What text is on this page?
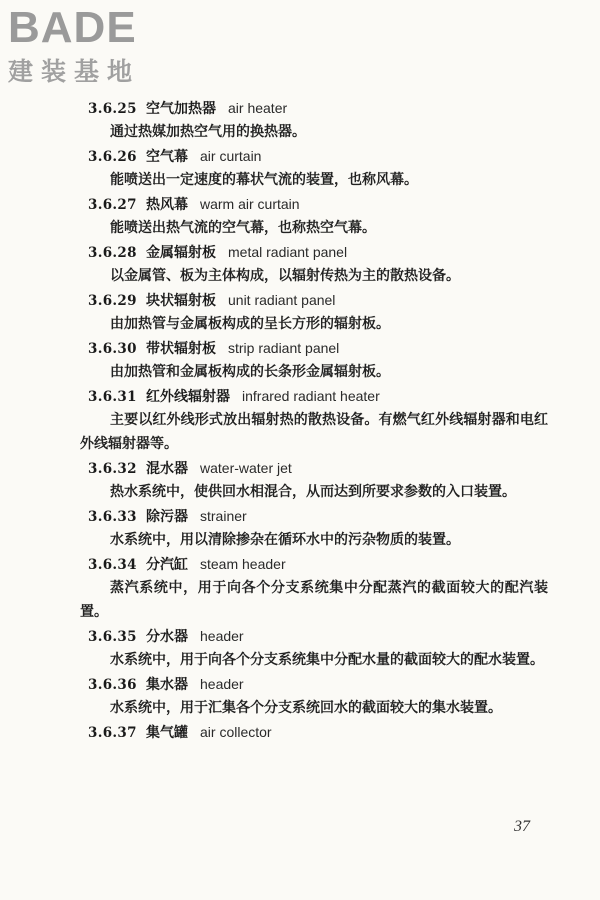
BADE
建装基地
3.6.25 空气加热器 air heater
通过热媒加热空气用的换热器。
3.6.26 空气幕 air curtain
能喷送出一定速度的幕状气流的装置，也称风幕。
3.6.27 热风幕 warm air curtain
能喷送出热气流的空气幕，也称热空气幕。
3.6.28 金属辐射板 metal radiant panel
以金属管、板为主体构成，以辐射传热为主的散热设备。
3.6.29 块状辐射板 unit radiant panel
由加热管与金属板构成的呈长方形的辐射板。
3.6.30 带状辐射板 strip radiant panel
由加热管和金属板构成的长条形金属辐射板。
3.6.31 红外线辐射器 infrared radiant heater
主要以红外线形式放出辐射热的散热设备。有燃气红外线辐射器和电红外线辐射器等。
3.6.32 混水器 water-water jet
热水系统中，使供回水相混合，从而达到所要求参数的入口装置。
3.6.33 除污器 strainer
水系统中，用以清除掺杂在循环水中的污杂物质的装置。
3.6.34 分汽缸 steam header
蒸汽系统中，用于向各个分支系统集中分配蒸汽的截面较大的配汽装置。
3.6.35 分水器 header
水系统中，用于向各个分支系统集中分配水量的截面较大的配水装置。
3.6.36 集水器 header
水系统中，用于汇集各个分支系统回水的截面较大的集水装置。
3.6.37 集气罐 air collector
37
